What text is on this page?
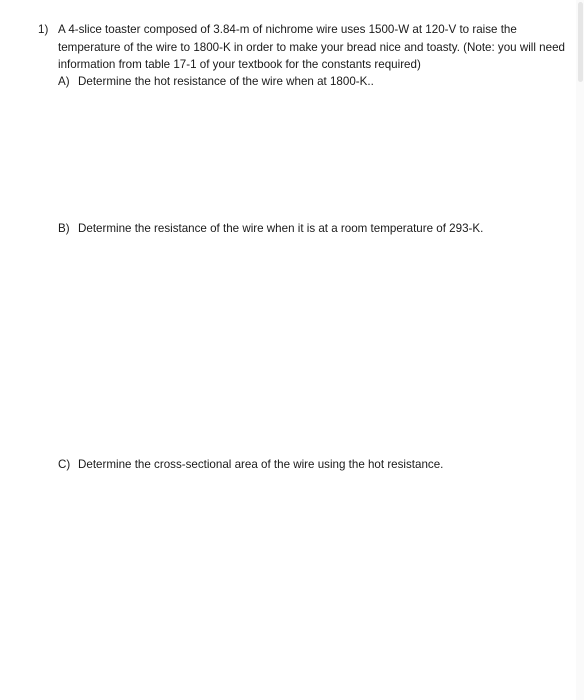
1) A 4-slice toaster composed of 3.84-m of nichrome wire uses 1500-W at 120-V to raise the temperature of the wire to 1800-K in order to make your bread nice and toasty. (Note: you will need information from table 17-1 of your textbook for the constants required)
A) Determine the hot resistance of the wire when at 1800-K..
B) Determine the resistance of the wire when it is at a room temperature of 293-K.
C) Determine the cross-sectional area of the wire using the hot resistance.
